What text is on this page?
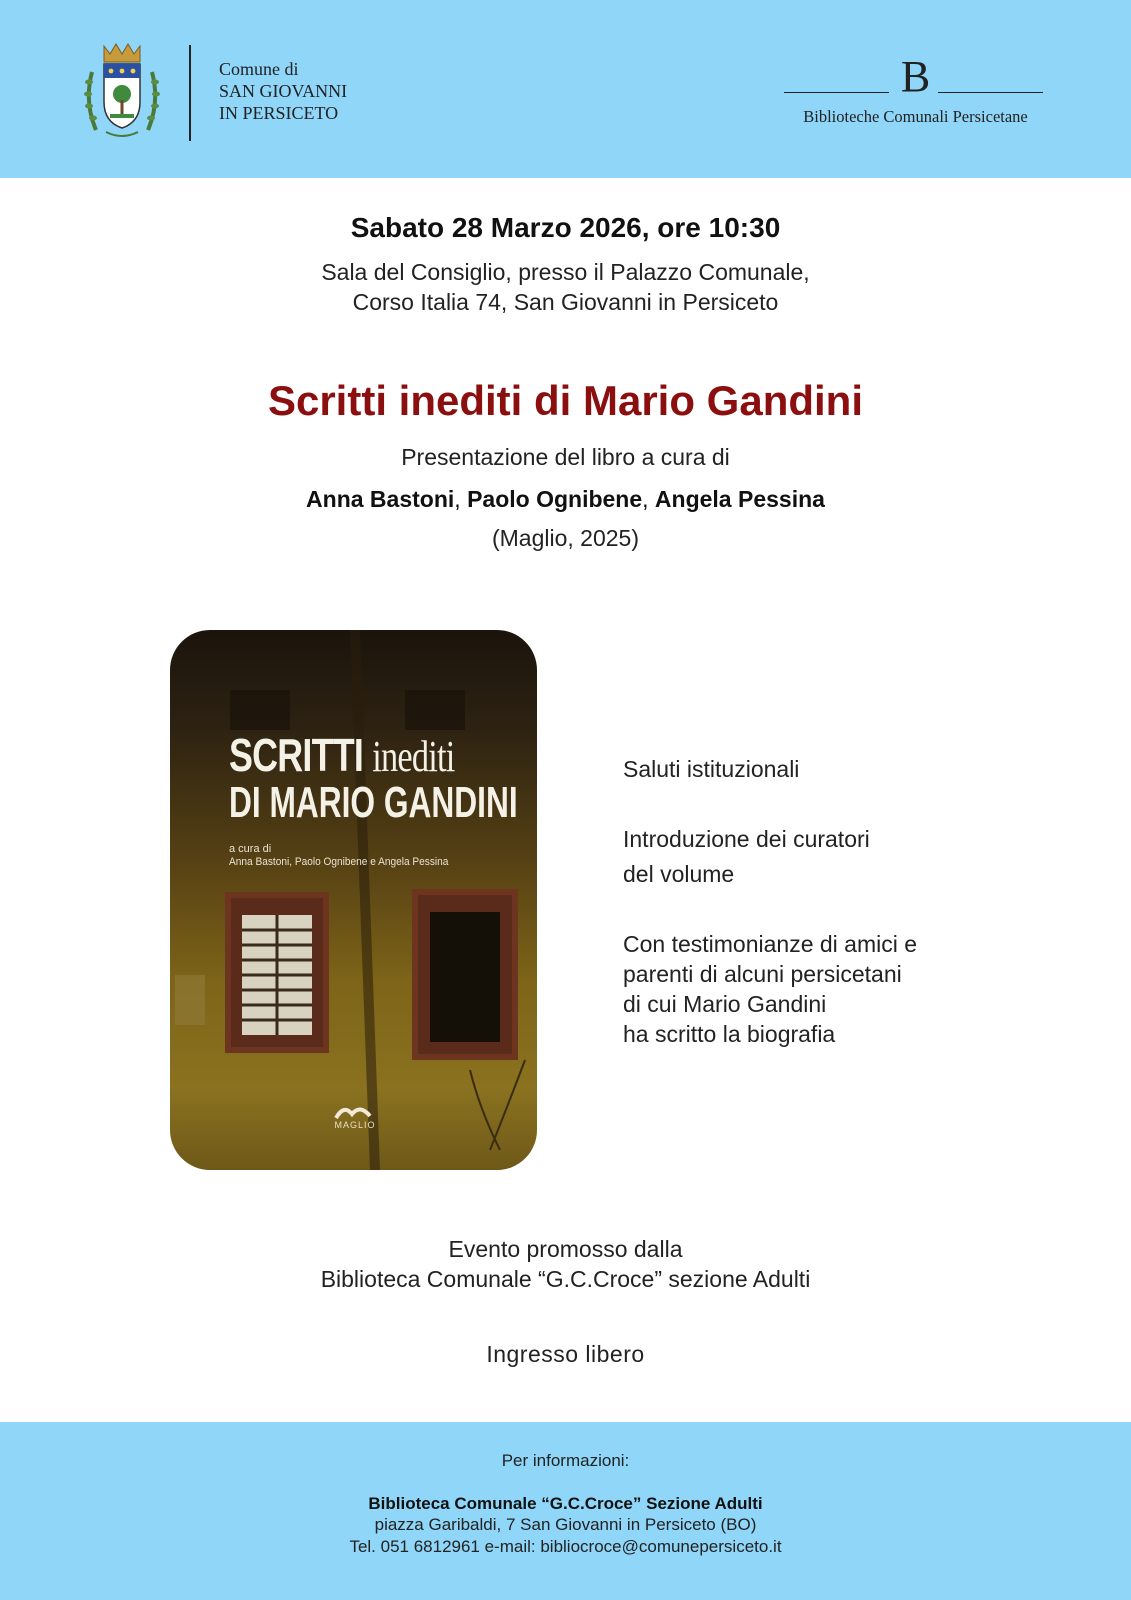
Comune di
SAN GIOVANNI
IN PERSICETO
B
Biblioteche Comunali Persicetane
Sabato 28 Marzo 2026, ore 10:30
Sala del Consiglio, presso il Palazzo Comunale,
Corso Italia 74, San Giovanni in Persiceto
Scritti inediti di Mario Gandini
Presentazione del libro a cura di
Anna Bastoni, Paolo Ognibene, Angela Pessina
(Maglio, 2025)
SCRITTI inediti
DI MARIO GANDINI
a cura di
Anna Bastoni, Paolo Ognibene e Angela Pessina
MAGLIO
Saluti istituzionali
Introduzione dei curatori
del volume
Con testimonianze di amici e
parenti di alcuni persicetani
di cui Mario Gandini
ha scritto la biografia
Evento promosso dalla
Biblioteca Comunale “G.C.Croce” sezione Adulti
Ingresso libero
Per informazioni:
Biblioteca Comunale “G.C.Croce” Sezione Adulti
piazza Garibaldi, 7 San Giovanni in Persiceto (BO)
Tel. 051 6812961 e-mail: bibliocroce@comunepersiceto.it
